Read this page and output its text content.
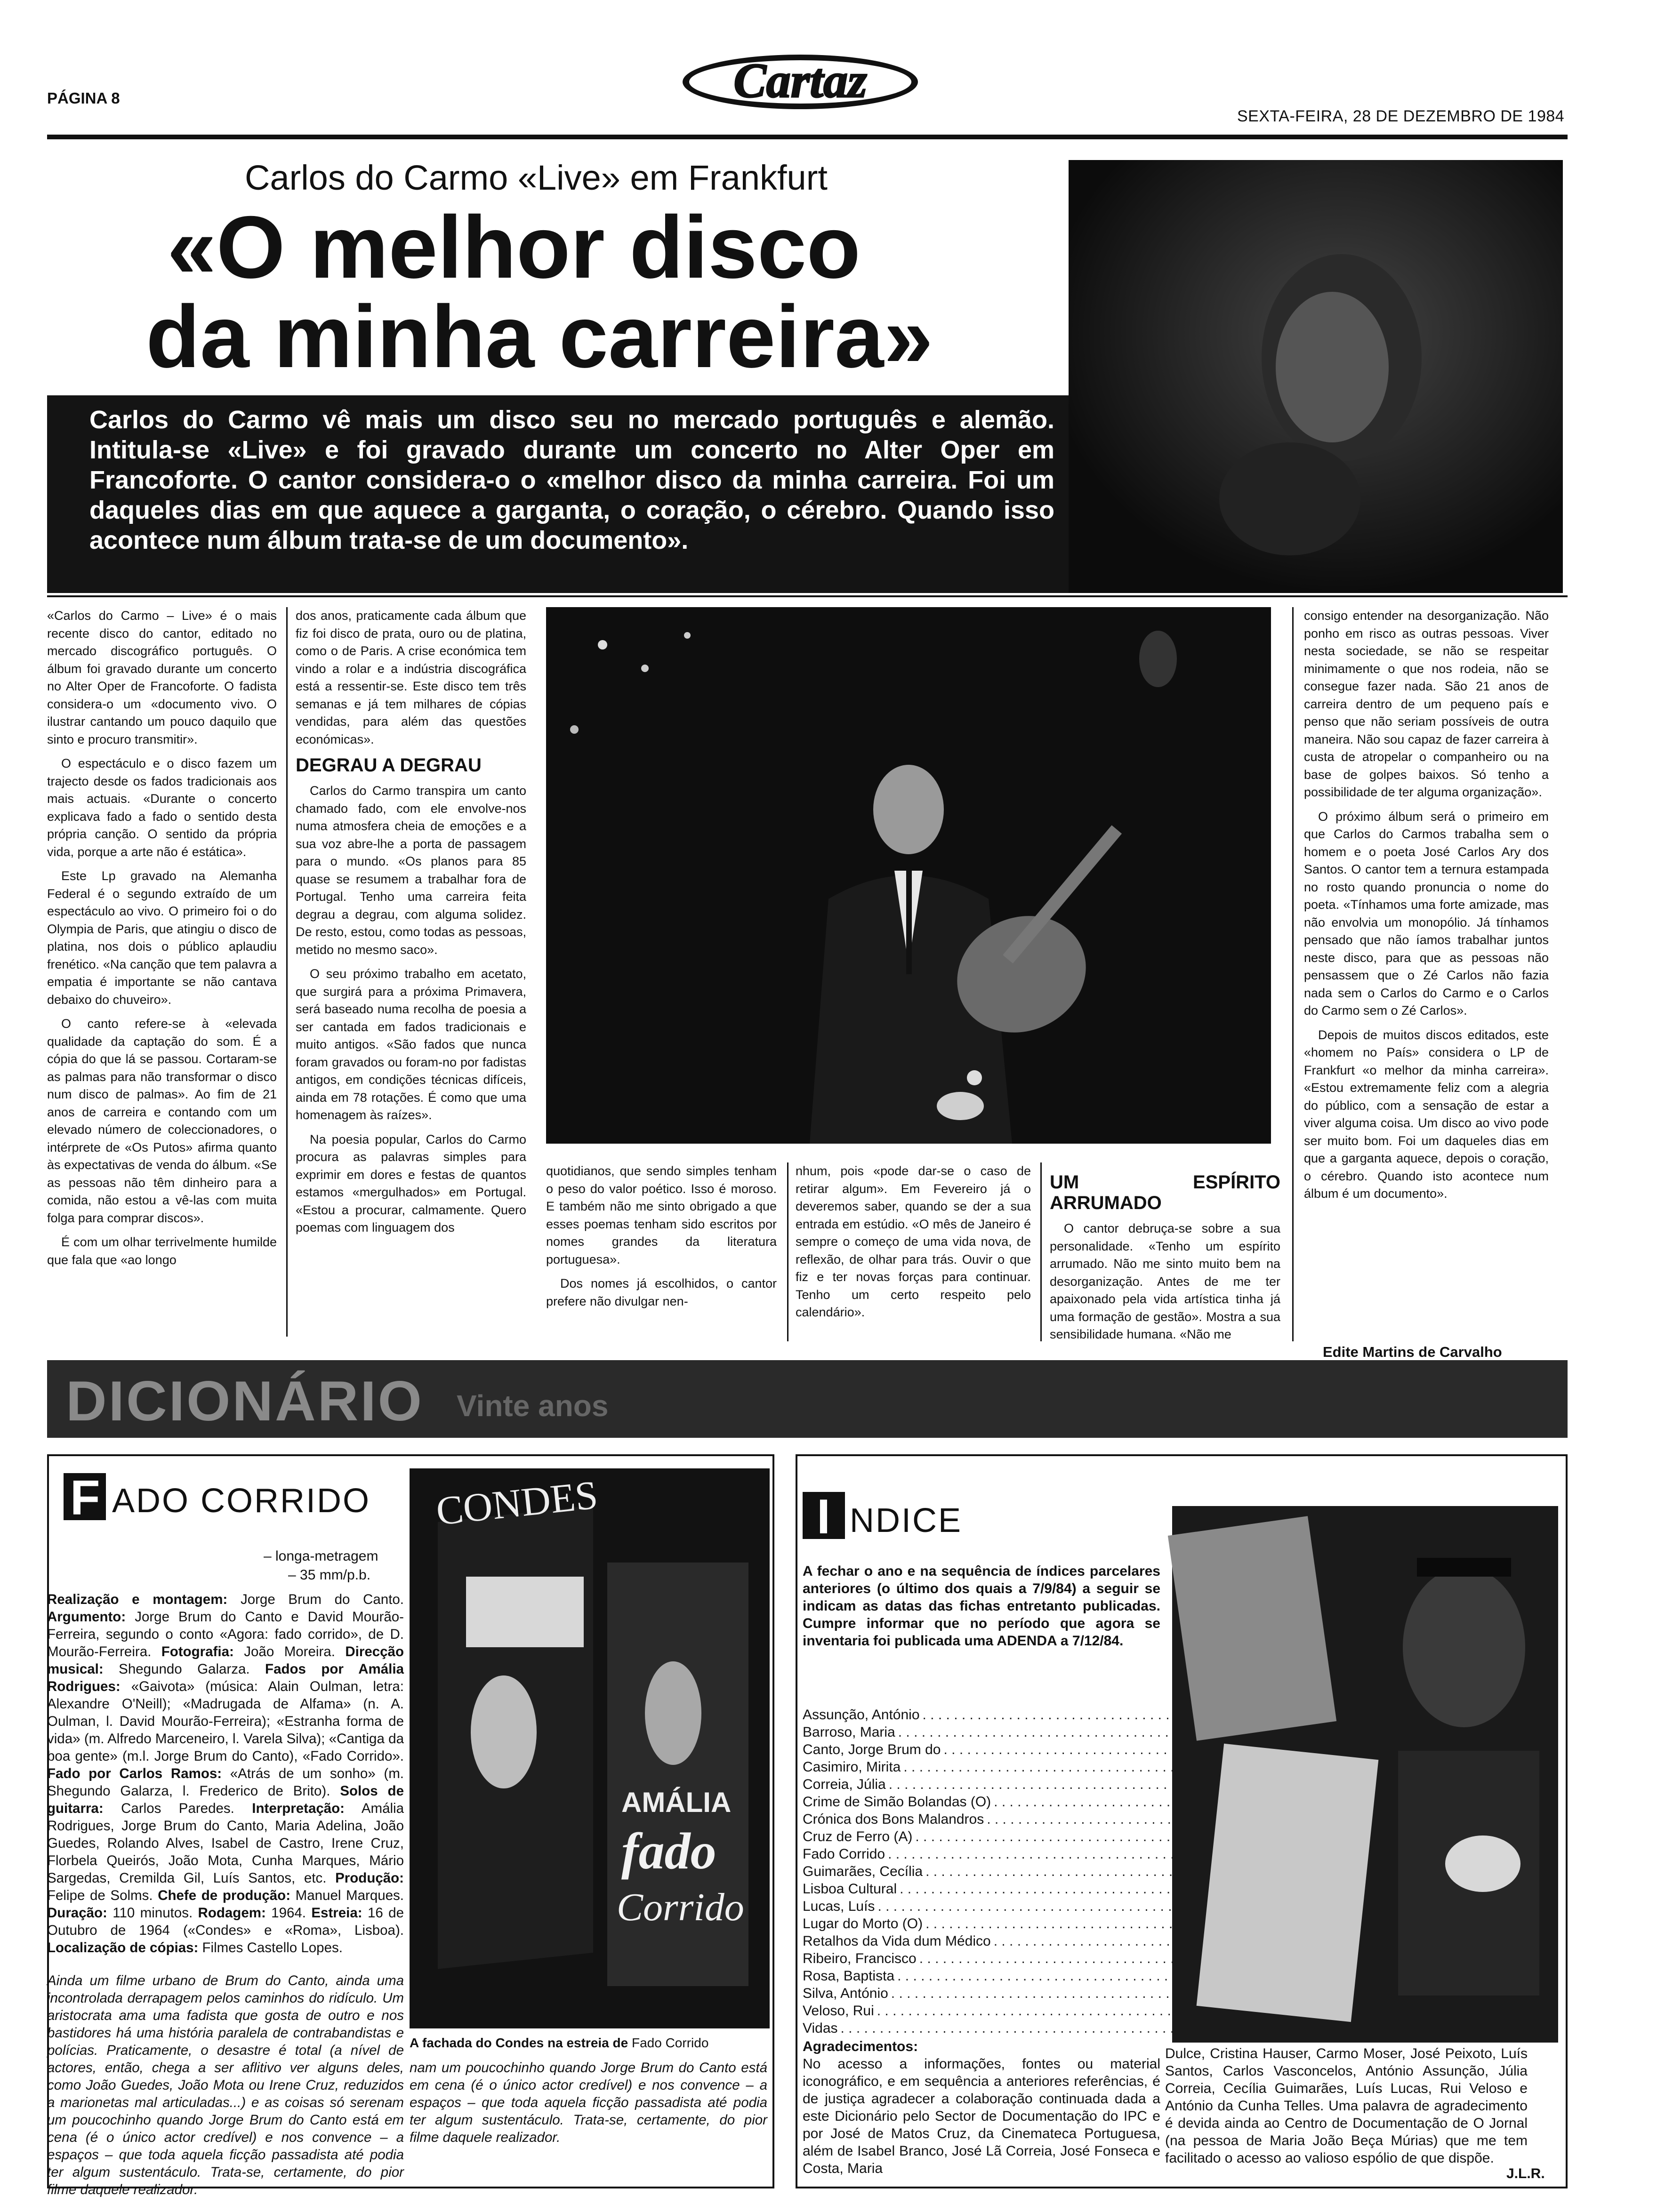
PÁGINA 8	Cartaz
SEXTA-FEIRA, 28 DE DEZEMBRO DE 1984
Carlos do Carmo «Live» em Frankfurt
«O melhor disco
da minha carreira»
Carlos do Carmo vê mais um disco seu no mercado português e alemão. Intitula-se «Live» e foi gravado durante um concerto no Alter Oper em Francoforte. O cantor considera-o o «melhor disco da minha carreira. Foi um daqueles dias em que aquece a garganta, o coração, o cérebro. Quando isso acontece num álbum trata-se de um documento».

«Carlos do Carmo – Live» é o mais recente disco do cantor, editado no mercado discográfico português. O álbum foi gravado durante um concerto no Alter Oper de Francoforte. O fadista considera-o um «documento vivo. O ilustrar cantando um pouco daquilo que sinto e procuro transmitir».

O espectáculo e o disco fazem um trajecto desde os fados tradicionais aos mais actuais. «Durante o concerto explicava fado a fado o sentido desta própria canção. O sentido da própria vida, porque a arte não é estática».

Este Lp gravado na Alemanha Federal é o segundo extraído de um espectáculo ao vivo. O primeiro foi o do Olympia de Paris, que atingiu o disco de platina, nos dois o público aplaudiu frenético. «Na canção que tem palavra a empatia é importante se não cantava debaixo do chuveiro».

O canto refere-se à «elevada qualidade da captação do som. É a cópia do que lá se passou. Cortaram-se as palmas para não transformar o disco num disco de palmas». Ao fim de 21 anos de carreira e contando com um elevado número de coleccionadores, o intérprete de «Os Putos» afirma quanto às expectativas de venda do álbum. «Se as pessoas não têm dinheiro para a comida, não estou a vê-las com muita folga para comprar discos».

É com um olhar terrivelmente humilde que fala que «ao longo

dos anos, praticamente cada álbum que fiz foi disco de prata, ouro ou de platina, como o de Paris. A crise económica tem vindo a rolar e a indústria discográfica está a ressentir-se. Este disco tem três semanas e já tem milhares de cópias vendidas, para além das questões económicas».

DEGRAU A DEGRAU

Carlos do Carmo transpira um canto chamado fado, com ele envolve-nos numa atmosfera cheia de emoções e a sua voz abre-lhe a porta de passagem para o mundo. «Os planos para 85 quase se resumem a trabalhar fora de Portugal. Tenho uma carreira feita degrau a degrau, com alguma solidez. De resto, estou, como todas as pessoas, metido no mesmo saco».

O seu próximo trabalho em acetato, que surgirá para a próxima Primavera, será baseado numa recolha de poesia a ser cantada em fados tradicionais e muito antigos. «São fados que nunca foram gravados ou foram-no por fadistas antigos, em condições técnicas difíceis, ainda em 78 rotações. É como que uma homenagem às raízes».

Na poesia popular, Carlos do Carmo procura as palavras simples para exprimir em dores e festas de quantos estamos «mergulhados» em Portugal. «Estou a procurar, calmamente. Quero poemas com linguagem dos

quotidianos, que sendo simples tenham o peso do valor poético. Isso é moroso. E também não me sinto obrigado a que esses poemas tenham sido escritos por nomes grandes da literatura portuguesa».

Dos nomes já escolhidos, o cantor prefere não divulgar nen-

nhum, pois «pode dar-se o caso de retirar algum». Em Fevereiro já o deveremos saber, quando se der a sua entrada em estúdio. «O mês de Janeiro é sempre o começo de uma vida nova, de reflexão, de olhar para trás. Ouvir o que fiz e ter novas forças para continuar. Tenho um certo respeito pelo calendário».

UM ESPÍRITO ARRUMADO

O cantor debruça-se sobre a sua personalidade. «Tenho um espírito arrumado. Não me sinto muito bem na desorganização. Antes de me ter apaixonado pela vida artística tinha já uma formação de gestão». Mostra a sua sensibilidade humana. «Não me

consigo entender na desorganização. Não ponho em risco as outras pessoas. Viver nesta sociedade, se não se respeitar minimamente o que nos rodeia, não se consegue fazer nada. São 21 anos de carreira dentro de um pequeno país e penso que não seriam possíveis de outra maneira. Não sou capaz de fazer carreira à custa de atropelar o companheiro ou na base de golpes baixos. Só tenho a possibilidade de ter alguma organização».

O próximo álbum será o primeiro em que Carlos do Carmos trabalha sem o homem e o poeta José Carlos Ary dos Santos. O cantor tem a ternura estampada no rosto quando pronuncia o nome do poeta. «Tínhamos uma forte amizade, mas não envolvia um monopólio. Já tínhamos pensado que não íamos trabalhar juntos neste disco, para que as pessoas não pensassem que o Zé Carlos não fazia nada sem o Carlos do Carmo e o Carlos do Carmo sem o Zé Carlos».

Depois de muitos discos editados, este «homem no País» considera o LP de Frankfurt «o melhor da minha carreira». «Estou extremamente feliz com a alegria do público, com a sensação de estar a viver alguma coisa. Um disco ao vivo pode ser muito bom. Foi um daqueles dias em que a garganta aquece, depois o coração, o cérebro. Quando isto acontece num álbum é um documento».

Edite Martins de Carvalho
DICIONÁRIO Vinte anos
F ADO CORRIDO
– longa-metragem
– 35 mm/p.b.

Realização e montagem: Jorge Brum do Canto. Argumento: Jorge Brum do Canto e David Mourão-Ferreira, segundo o conto «Agora: fado corrido», de D. Mourão-Ferreira. Fotografia: João Moreira. Direcção musical: Shegundo Galarza. Fados por Amália Rodrigues: «Gaivota» (música: Alain Oulman, letra: Alexandre O'Neill); «Madrugada de Alfama» (n. A. Oulman, l. David Mourão-Ferreira); «Estranha forma de vida» (m. Alfredo Marceneiro, l. Varela Silva); «Cantiga da boa gente» (m.l. Jorge Brum do Canto), «Fado Corrido». Fado por Carlos Ramos: «Atrás de um sonho» (m. Shegundo Galarza, l. Frederico de Brito). Solos de guitarra: Carlos Paredes. Interpretação: Amália Rodrigues, Jorge Brum do Canto, Maria Adelina, João Guedes, Rolando Alves, Isabel de Castro, Irene Cruz, Florbela Queirós, João Mota, Cunha Marques, Mário Sargedas, Cremilda Gil, Luís Santos, etc. Produção: Felipe de Solms. Chefe de produção: Manuel Marques. Duração: 110 minutos. Rodagem: 1964. Estreia: 16 de Outubro de 1964 («Condes» e «Roma», Lisboa). Localização de cópias: Filmes Castello Lopes.

Ainda um filme urbano de Brum do Canto, ainda uma incontrolada derrapagem pelos caminhos do ridículo. Um aristocrata ama uma fadista que gosta de outro e nos bastidores há uma história paralela de contrabandistas e polícias. Praticamente, o desastre é total (a nível de actores, então, chega a ser aflitivo ver alguns deles, como João Guedes, João Mota ou Irene Cruz, reduzidos a marionetas mal articuladas...) e as coisas só serenam um poucochinho quando Jorge Brum do Canto está em cena (é o único actor credível) e nos convence – a espaços – que toda aquela ficção passadista até podia ter algum sustentáculo. Trata-se, certamente, do pior filme daquele realizador.

CONDES
AMÁLIA
fado
Corrido
A fachada do Condes na estreia de Fado Corrido

nam um poucochinho quando Jorge Brum do Canto está em cena (é o único actor credível) e nos convence – a espaços – que toda aquela ficção passadista até podia ter algum sustentáculo. Trata-se, certamente, do pior filme daquele realizador.

I NDICE
A fechar o ano e na sequência de índices parcelares anteriores (o último dos quais a 7/9/84) a seguir se indicam as datas das fichas entretanto publicadas. Cumpre informar que no período que agora se inventaria foi publicada uma ADENDA a 7/12/84.
Assunção, António
. . .
Barroso, Maria
. . .
Canto, Jorge Brum do
. . .
Casimiro, Mirita
. . .
Correia, Júlia
. . .
Crime de Simão Bolandas (O)
. . .
Crónica dos Bons Malandros
. . .
Cruz de Ferro (A)
. . .
Fado Corrido
. . .
Guimarães, Cecília
. . .
Lisboa Cultural
. . .
Lucas, Luís
. . .
Lugar do Morto (O)
. . .
Retalhos da Vida dum Médico
. . .
Ribeiro, Francisco
. . .
Rosa, Baptista
. . .
Silva, António
. . .
Veloso, Rui
. . .
Vidas
. . .

Agradecimentos:
No acesso a informações, fontes ou material iconográfico, e em sequência a anteriores referências, é de justiça agradecer a colaboração continuada dada a este Dicionário pelo Sector de Documentação do IPC e por José de Matos Cruz, da Cinemateca Portuguesa, além de Isabel Branco, José Lã Correia, José Fonseca e Costa, Maria

Dulce, Cristina Hauser, Carmo Moser, José Peixoto, Luís Santos, Carlos Vasconcelos, António Assunção, Júlia Correia, Cecília Guimarães, Luís Lucas, Rui Veloso e António da Cunha Telles. Uma palavra de agradecimento é devida ainda ao Centro de Documentação de O Jornal (na pessoa de Maria João Beça Múrias) que me tem facilitado o acesso ao valioso espólio de que dispõe.

J.L.R.
